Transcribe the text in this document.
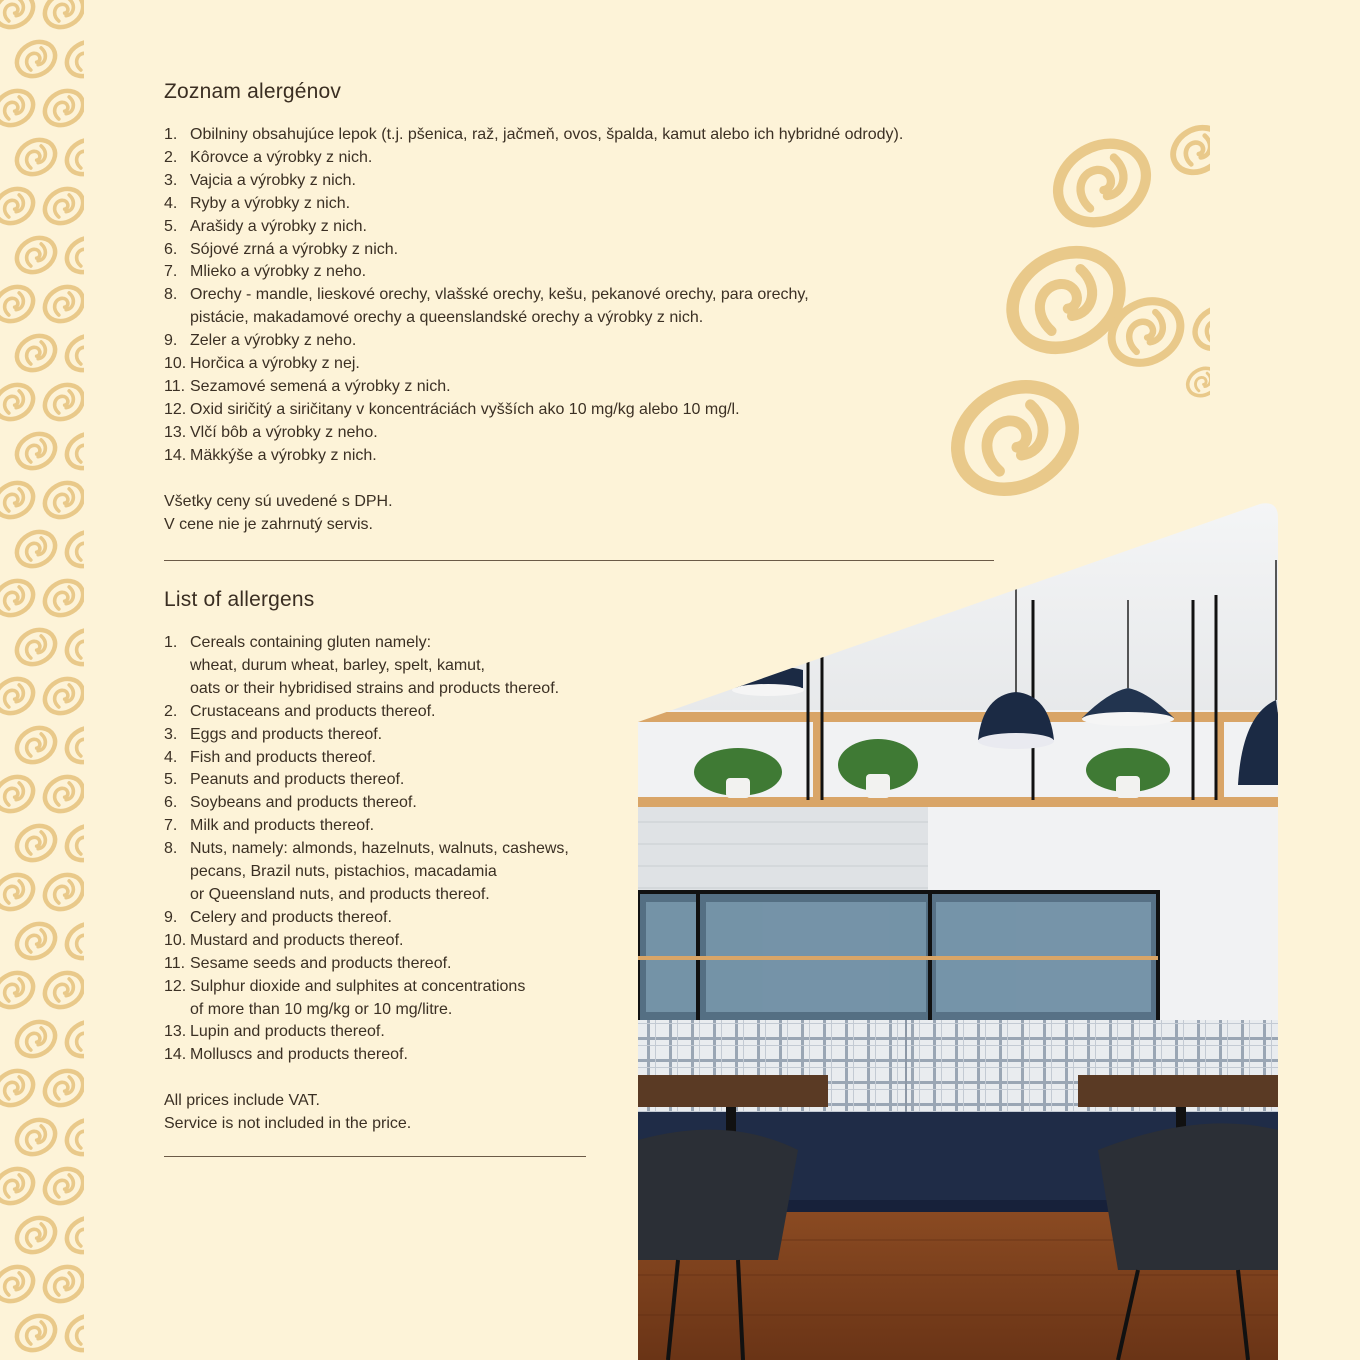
Zoznam alergénov
1. Obilniny obsahujúce lepok (t.j. pšenica, raž, jačmeň, ovos, špalda, kamut alebo ich hybridné odrody).
2. Kôrovce a výrobky z nich.
3. Vajcia a výrobky z nich.
4. Ryby a výrobky z nich.
5. Arašidy a výrobky z nich.
6. Sójové zrná a výrobky z nich.
7. Mlieko a výrobky z neho.
8. Orechy - mandle, lieskové orechy, vlašské orechy, kešu, pekanové orechy, para orechy,
pistácie, makadamové orechy a queenslandské orechy a výrobky z nich.
9. Zeler a výrobky z neho.
10. Horčica a výrobky z nej.
11. Sezamové semená a výrobky z nich.
12. Oxid siričitý a siričitany v koncentráciách vyšších ako 10 mg/kg alebo 10 mg/l.
13. Vlčí bôb a výrobky z neho.
14. Mäkkýše a výrobky z nich.

Všetky ceny sú uvedené s DPH.

V cene nie je zahrnutý servis.

List of allergens
1. Cereals containing gluten namely:
wheat, durum wheat, barley, spelt, kamut,
oats or their hybridised strains and products thereof.
2. Crustaceans and products thereof.
3. Eggs and products thereof.
4. Fish and products thereof.
5. Peanuts and products thereof.
6. Soybeans and products thereof.
7. Milk and products thereof.
8. Nuts, namely: almonds, hazelnuts, walnuts, cashews,
pecans, Brazil nuts, pistachios, macadamia
or Queensland nuts, and products thereof.
9. Celery and products thereof.
10. Mustard and products thereof.
11. Sesame seeds and products thereof.
12. Sulphur dioxide and sulphites at concentrations
of more than 10 mg/kg or 10 mg/litre.
13. Lupin and products thereof.
14. Molluscs and products thereof.

All prices include VAT.

Service is not included in the price.
